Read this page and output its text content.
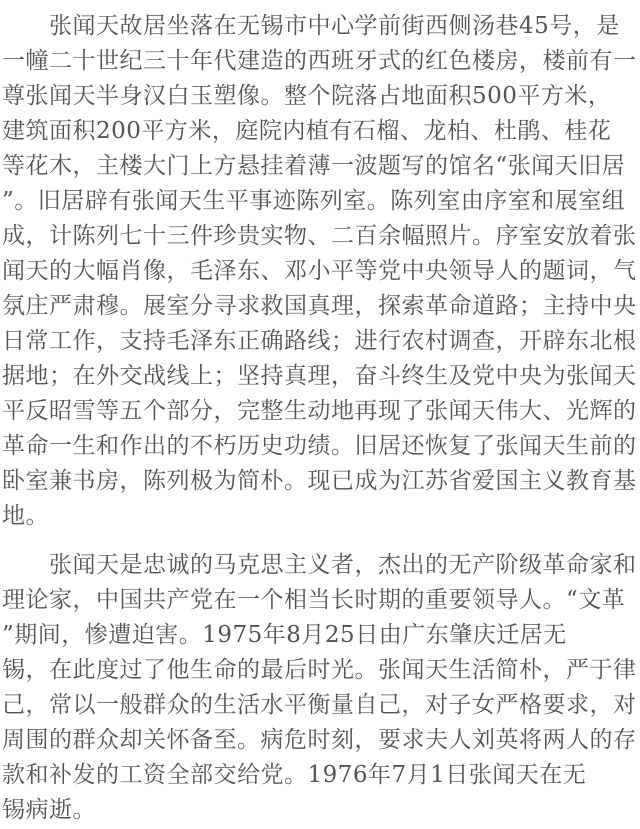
张闻天故居坐落在无锡市中心学前街西侧汤巷45号，是
一幢二十世纪三十年代建造的西班牙式的红色楼房，楼前有一
尊张闻天半身汉白玉塑像。整个院落占地面积500平方米，
建筑面积200平方米，庭院内植有石榴、龙柏、杜鹃、桂花
等花木，主楼大门上方悬挂着薄一波题写的馆名“张闻天旧居
”。旧居辟有张闻天生平事迹陈列室。陈列室由序室和展室组
成，计陈列七十三件珍贵实物、二百余幅照片。序室安放着张
闻天的大幅肖像，毛泽东、邓小平等党中央领导人的题词，气
氛庄严肃穆。展室分寻求救国真理，探索革命道路；主持中央
日常工作，支持毛泽东正确路线；进行农村调查，开辟东北根
据地；在外交战线上；坚持真理，奋斗终生及党中央为张闻天
平反昭雪等五个部分，完整生动地再现了张闻天伟大、光辉的
革命一生和作出的不朽历史功绩。旧居还恢复了张闻天生前的
卧室兼书房，陈列极为简朴。现已成为江苏省爱国主义教育基
地。
张闻天是忠诚的马克思主义者，杰出的无产阶级革命家和
理论家，中国共产党在一个相当长时期的重要领导人。“文革
”期间，惨遭迫害。1975年8月25日由广东肇庆迁居无
锡，在此度过了他生命的最后时光。张闻天生活简朴，严于律
己，常以一般群众的生活水平衡量自己，对子女严格要求，对
周围的群众却关怀备至。病危时刻，要求夫人刘英将两人的存
款和补发的工资全部交给党。1976年7月1日张闻天在无
锡病逝。
